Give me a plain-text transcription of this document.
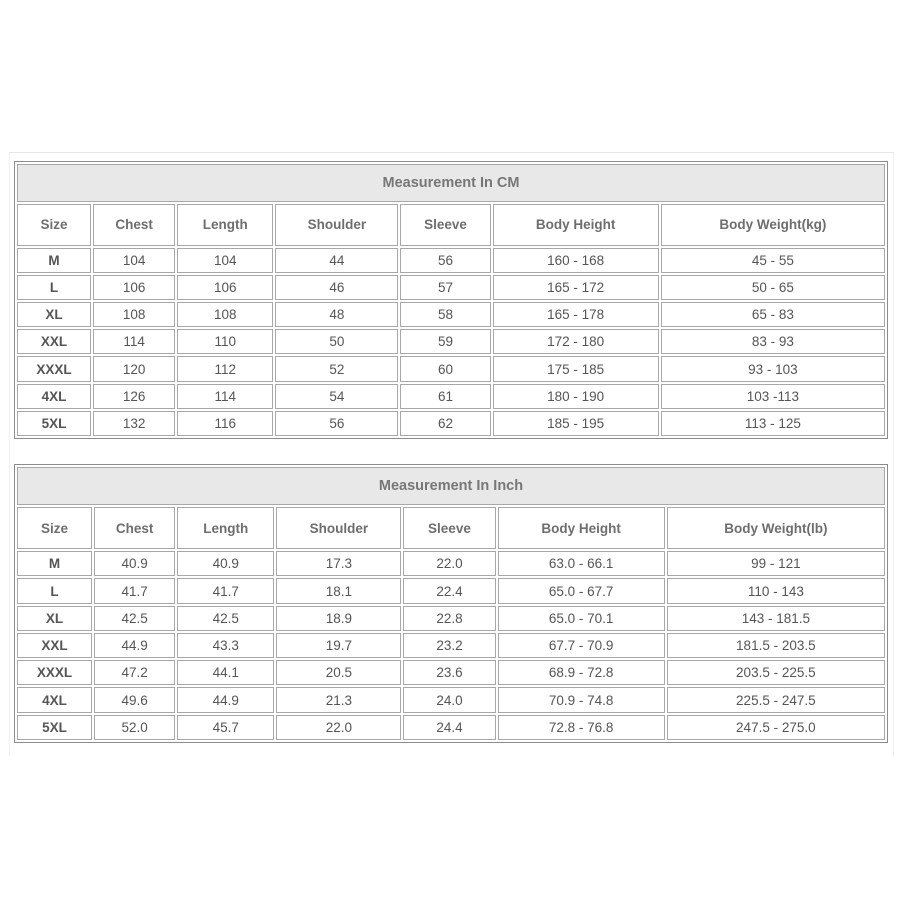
Measurement In CM						
Size	Chest	Length	Shoulder	Sleeve	Body Height	Body Weight(kg)
M	104	104	44	56	160 - 168	45 - 55
L	106	106	46	57	165 - 172	50 - 65
XL	108	108	48	58	165 - 178	65 - 83
XXL	114	110	50	59	172 - 180	83 - 93
XXXL	120	112	52	60	175 - 185	93 - 103
4XL	126	114	54	61	180 - 190	103 -113
5XL	132	116	56	62	185 - 195	113 - 125
Measurement In Inch						
Size	Chest	Length	Shoulder	Sleeve	Body Height	Body Weight(lb)
M	40.9	40.9	17.3	22.0	63.0 - 66.1	99 - 121
L	41.7	41.7	18.1	22.4	65.0 - 67.7	110 - 143
XL	42.5	42.5	18.9	22.8	65.0 - 70.1	143 - 181.5
XXL	44.9	43.3	19.7	23.2	67.7 - 70.9	181.5 - 203.5
XXXL	47.2	44.1	20.5	23.6	68.9 - 72.8	203.5 - 225.5
4XL	49.6	44.9	21.3	24.0	70.9 - 74.8	225.5 - 247.5
5XL	52.0	45.7	22.0	24.4	72.8 - 76.8	247.5 - 275.0
